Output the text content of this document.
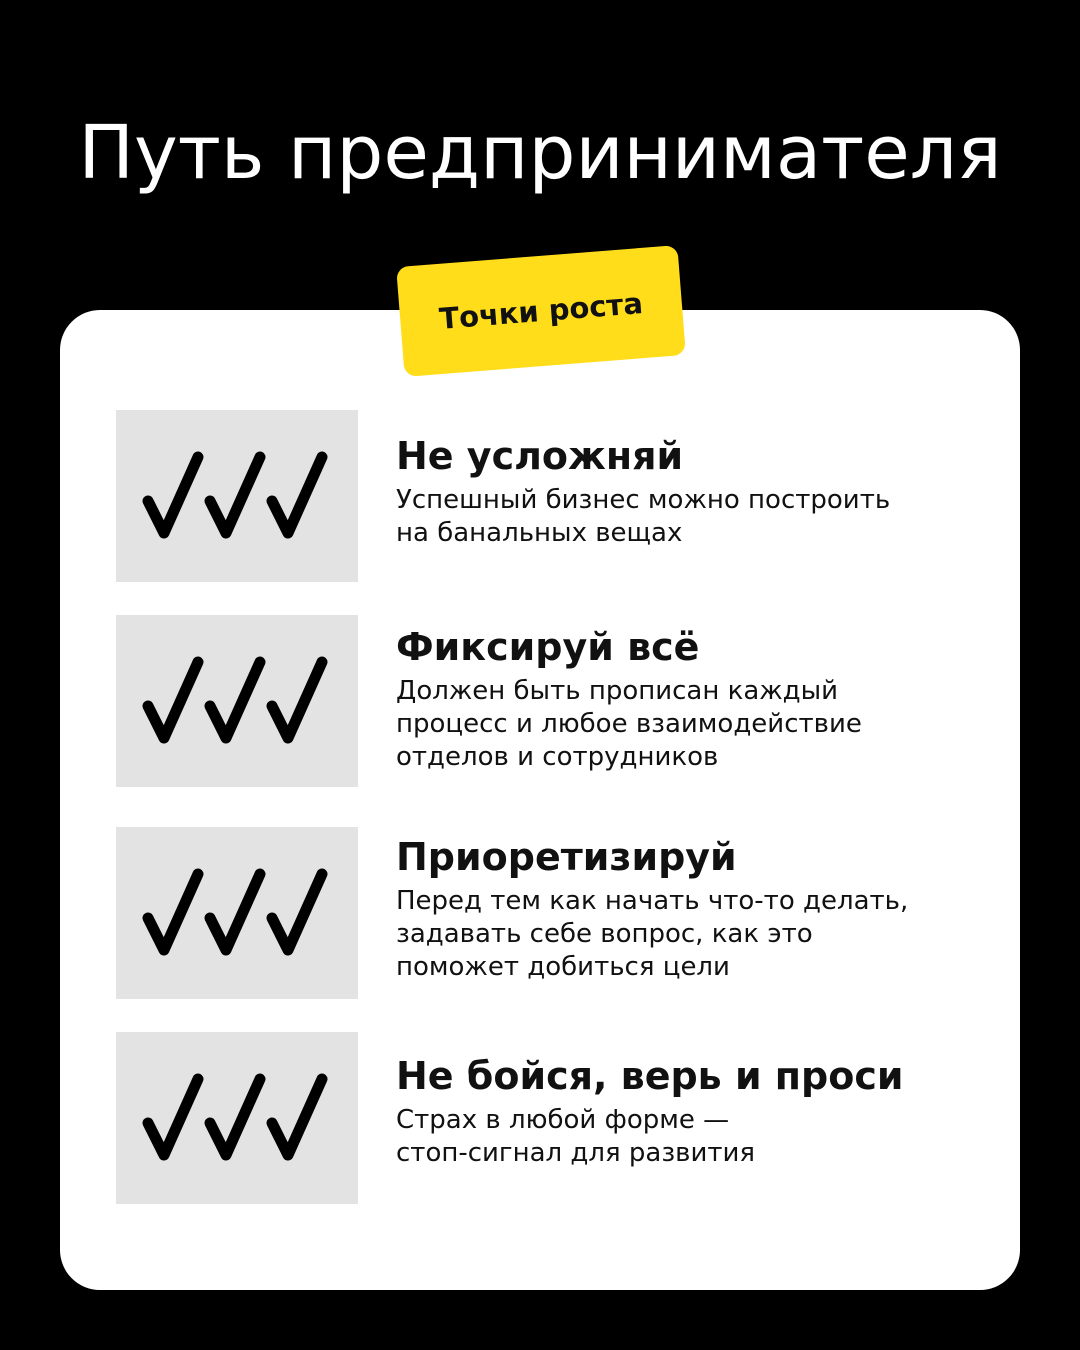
Путь предпринимателя
Точки роста
Не усложняй
Успешный бизнес можно построить
на банальных вещах
Фиксируй всё
Должен быть прописан каждый
процесс и любое взаимодействие
отделов и сотрудников
Приоретизируй
Перед тем как начать что-то делать,
задавать себе вопрос, как это
поможет добиться цели
Не бойся, верь и проси
Страх в любой форме —
стоп-сигнал для развития
